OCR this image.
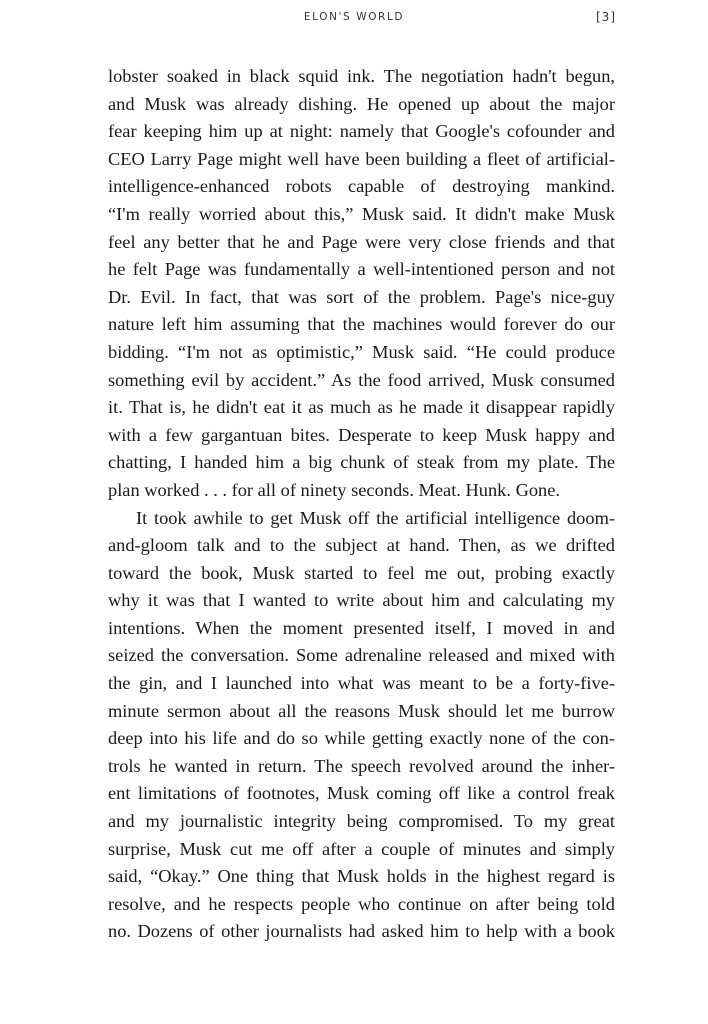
ELON'S WORLD	[3]
lobster soaked in black squid ink. The negotiation hadn't begun,
and Musk was already dishing. He opened up about the major
fear keeping him up at night: namely that Google's cofounder and
CEO Larry Page might well have been building a fleet of artificial-
intelligence-enhanced robots capable of destroying mankind.
“I'm really worried about this,” Musk said. It didn't make Musk
feel any better that he and Page were very close friends and that
he felt Page was fundamentally a well-intentioned person and not
Dr. Evil. In fact, that was sort of the problem. Page's nice-guy
nature left him assuming that the machines would forever do our
bidding. “I'm not as optimistic,” Musk said. “He could produce
something evil by accident.” As the food arrived, Musk consumed
it. That is, he didn't eat it as much as he made it disappear rapidly
with a few gargantuan bites. Desperate to keep Musk happy and
chatting, I handed him a big chunk of steak from my plate. The
plan worked . . . for all of ninety seconds. Meat. Hunk. Gone.
It took awhile to get Musk off the artificial intelligence doom-
and-gloom talk and to the subject at hand. Then, as we drifted
toward the book, Musk started to feel me out, probing exactly
why it was that I wanted to write about him and calculating my
intentions. When the moment presented itself, I moved in and
seized the conversation. Some adrenaline released and mixed with
the gin, and I launched into what was meant to be a forty-five-
minute sermon about all the reasons Musk should let me burrow
deep into his life and do so while getting exactly none of the con-
trols he wanted in return. The speech revolved around the inher-
ent limitations of footnotes, Musk coming off like a control freak
and my journalistic integrity being compromised. To my great
surprise, Musk cut me off after a couple of minutes and simply
said, “Okay.” One thing that Musk holds in the highest regard is
resolve, and he respects people who continue on after being told
no. Dozens of other journalists had asked him to help with a book
